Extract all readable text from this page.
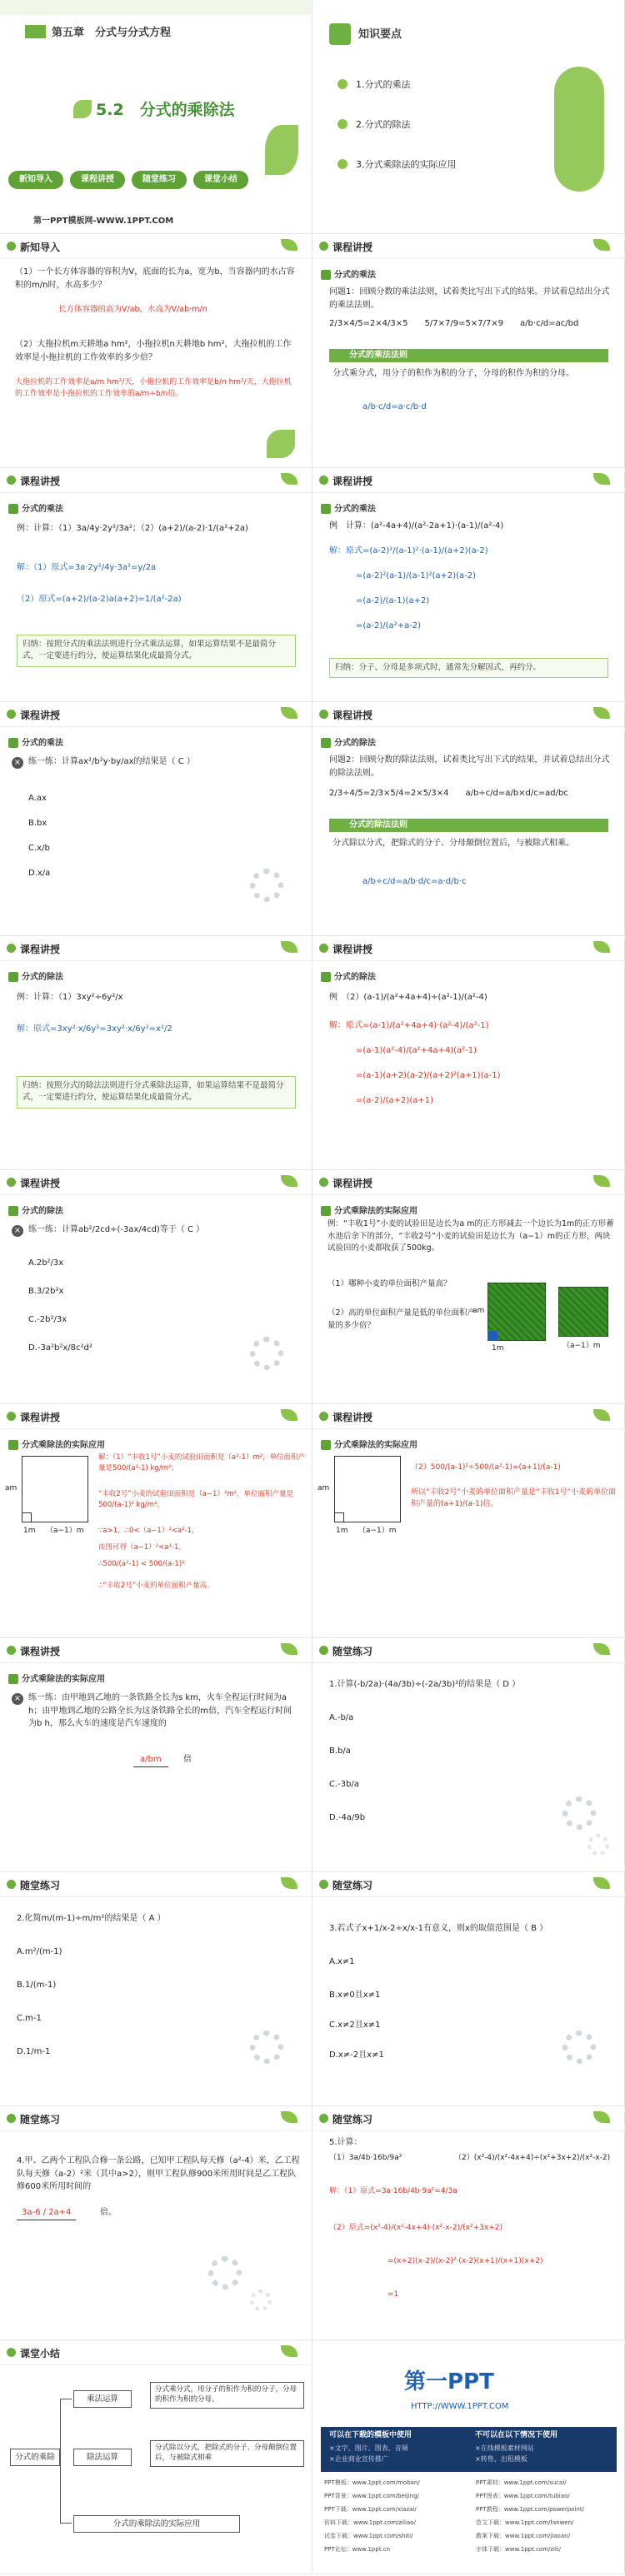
第五章　分式与分式方程
5.2　分式的乘除法
新知导入	课程讲授	随堂练习	课堂小结
第一PPT模板网-WWW.1PPT.COM
知识要点
1.分式的乘法
2.分式的除法
3.分式乘除法的实际应用
新知导入
（1）一个长方体容器的容积为V，底面的长为a，宽为b，当容器内的水占容积的m/n时，水高多少？
长方体容器的高为V/ab，水高为V/ab·m/n
（2）大拖拉机m天耕地a hm²，小拖拉机n天耕地b hm²，大拖拉机的工作效率是小拖拉机的工作效率的多少倍？
大拖拉机的工作效率是a/m hm²/天，小拖拉机的工作效率是b/n hm²/天，大拖拉机的工作效率是小拖拉机的工作效率的a/m÷b/n倍。
课程讲授
分式的乘法
问题1：回顾分数的乘法法则，试着类比写出下式的结果。并试着总结出分式的乘法法则。
2/3×4/5=2×4/3×5　　5/7×7/9=5×7/7×9　　a/b·c/d=ac/bd
分式的乘法法则
分式乘分式，用分子的积作为积的分子，分母的积作为积的分母。
a/b·c/d=a·c/b·d
课程讲授
分式的乘法
例：计算：（1）3a/4y·2y²/3a²；（2）(a+2)/(a-2)·1/(a²+2a)
解：（1）原式=3a·2y²/4y·3a²=y/2a
（2）原式=(a+2)/(a-2)a(a+2)=1/(a²-2a)
归纳：按照分式的乘法法则进行分式乘法运算，如果运算结果不是最简分式，一定要进行约分，使运算结果化成最简分式。
课程讲授
分式的乘法
例　计算：(a²-4a+4)/(a²-2a+1)·(a-1)/(a²-4)
解：原式=(a-2)²/(a-1)²·(a-1)/(a+2)(a-2)
=(a-2)²(a-1)/(a-1)²(a+2)(a-2)
=(a-2)/(a-1)(a+2)
=(a-2)/(a²+a-2)
归纳：分子、分母是多项式时，通常先分解因式，再约分。
课程讲授
分式的乘法
× 练一练：计算ax²/b²y·by/ax的结果是（ C ）
A.ax
B.bx
C.x/b
D.x/a
课程讲授
分式的除法
问题2：回顾分数的除法法则，试着类比写出下式的结果，并试着总结出分式的除法法则。
2/3÷4/5=2/3×5/4=2×5/3×4　　a/b÷c/d=a/b×d/c=ad/bc
分式的除法法则
分式除以分式，把除式的分子、分母颠倒位置后，与被除式相乘。
a/b÷c/d=a/b·d/c=a·d/b·c
课程讲授
分式的除法
例：计算：（1）3xy²÷6y²/x
解：原式=3xy²·x/6y²=3xy²·x/6y²=x²/2
归纳：按照分式的除法法则进行分式乘除法运算，如果运算结果不是最简分式，一定要进行约分，使运算结果化成最简分式。
课程讲授
分式的除法
例　（2）(a-1)/(a²+4a+4)÷(a²-1)/(a²-4)
解：原式=(a-1)/(a²+4a+4)·(a²-4)/(a²-1)
=(a-1)(a²-4)/(a²+4a+4)(a²-1)
=(a-1)(a+2)(a-2)/(a+2)²(a+1)(a-1)
=(a-2)/(a+2)(a+1)
课程讲授
分式的除法
× 练一练：计算ab²/2cd÷(-3ax/4cd)等于（ C ）
A.2b²/3x
B.3/2b²x
C.-2b²/3x
D.-3a²b²x/8c²d²
课程讲授
分式乘除法的实际应用
例：“丰收1号”小麦的试验田是边长为a m的正方形减去一个边长为1m的正方形蓄水池后余下的部分，“丰收2号”小麦的试验田是边长为（a−1）m的正方形，两块试验田的小麦都收获了500kg。
（1）哪种小麦的单位面积产量高？
（2）高的单位面积产量是低的单位面积产量的多少倍？
am
1m	（a−1）m
课程讲授
分式乘除法的实际应用
am
1m （a−1）m
解：（1）“丰收1号”小麦的试验田面积是（a²-1）m²，单位面积产量是500/(a²-1) kg/m²；
“丰收2号”小麦的试验田面积是（a−1）²m²，单位面积产量是500/(a-1)² kg/m²。
∵a>1，∴0<（a−1）²<a²-1，
由图可得（a−1）²<a²-1，
∴500/(a²-1) < 500/(a-1)²
∴“丰收2号”小麦的单位面积产量高。
课程讲授
分式乘除法的实际应用
am
1m （a−1）m
（2）500/(a-1)²÷500/(a²-1)=(a+1)/(a-1)
所以“丰收2号”小麦的单位面积产量是“丰收1号”小麦的单位面积产量的(a+1)/(a-1)倍。
课程讲授
分式乘除法的实际应用
× 练一练：由甲地到乙地的一条铁路全长为s km，火车全程运行时间为a h；由甲地到乙地的公路全长为这条铁路全长的m倍，汽车全程运行时间为b h，那么火车的速度是汽车速度的
a/bm	倍
随堂练习
1.计算(-b/2a)·(4a/3b)÷(-2a/3b)²的结果是（ D ）
A.-b/a
B.b/a
C.-3b/a
D.-4a/9b
随堂练习
2.化简m/(m-1)÷m/m²的结果是（ A ）
A.m²/(m-1)
B.1/(m-1)
C.m-1
D.1/m-1
随堂练习
3.若式子x+1/x-2÷x/x-1有意义，则x的取值范围是（ B ）
A.x≠1
B.x≠0且x≠1
C.x≠2且x≠1
D.x≠-2且x≠1
随堂练习
4.甲、乙两个工程队合修一条公路，已知甲工程队每天修（a²-4）米，乙工程队每天修（a-2）²米（其中a>2），则甲工程队修900米所用时间是乙工程队修600米所用时间的
3a-6 / 2a+4	倍。
随堂练习
5.计算：
（1）3a/4b·16b/9a²	（2）(x²-4)/(x²-4x+4)÷(x²+3x+2)/(x²-x-2)
解：（1）原式=3a·16b/4b·9a²=4/3a
（2）原式=(x²-4)/(x²-4x+4)·(x²-x-2)/(x²+3x+2)
=(x+2)(x-2)/(x-2)²·(x-2)(x+1)/(x+1)(x+2)
=1
课堂小结
分式的乘除
乘法运算
分式乘分式，用分子的积作为积的分子，分母的积作为积的分母。
除法运算
分式除以分式，把除式的分子、分母颠倒位置后，与被除式相乘
分式的乘除法的实际应用
第一PPT
HTTP://WWW.1PPT.COM
可以在下载的模板中使用
×文字、图片、图表、音频
×企业商业宣传推广
不可以在以下情况下使用
×在线模板素材网站
×转售、出租模板
PPT模板：www.1ppt.com/moban/	PPT素材：www.1ppt.com/sucai/
PPT背景：www.1ppt.com/beijing/	PPT图表：www.1ppt.com/tubiao/
PPT下载：www.1ppt.com/xiazai/	PPT教程：www.1ppt.com/powerpoint/
资料下载：www.1ppt.com/ziliao/	范文下载：www.1ppt.com/fanwen/
试卷下载：www.1ppt.com/shiti/	教案下载：www.1ppt.com/jiaoan/
PPT论坛：www.1ppt.cn	字体下载：www.1ppt.com/ziti/
